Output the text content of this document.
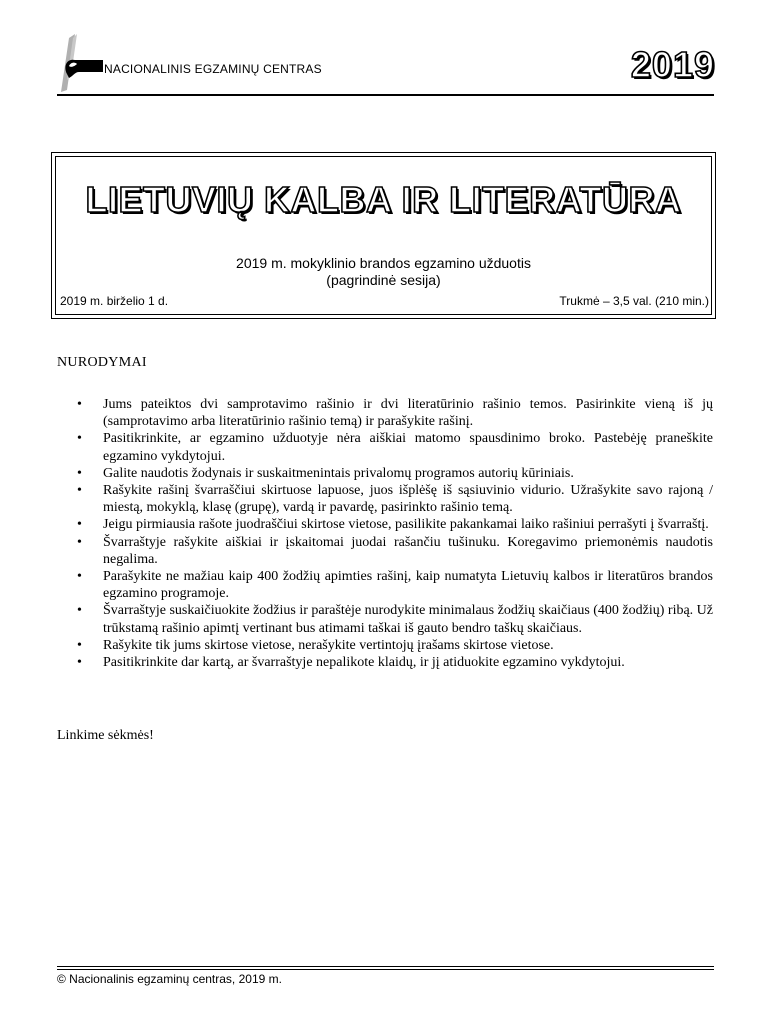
NACIONALINIS EGZAMINŲ CENTRAS	2019
LIETUVIŲ KALBA IR LITERATŪRA
2019 m. mokyklinio brandos egzamino užduotis
(pagrindinė sesija)
2019 m. birželio 1 d.	Trukmė – 3,5 val. (210 min.)
NURODYMAI
• Jums pateiktos dvi samprotavimo rašinio ir dvi literatūrinio rašinio temos. Pasirinkite vieną iš jų (samprotavimo arba literatūrinio rašinio temą) ir parašykite rašinį.
• Pasitikrinkite, ar egzamino užduotyje nėra aiškiai matomo spausdinimo broko. Pastebėję praneškite egzamino vykdytojui.
• Galite naudotis žodynais ir suskaitmenintais privalomų programos autorių kūriniais.
• Rašykite rašinį švarraščiui skirtuose lapuose, juos išplėšę iš sąsiuvinio vidurio. Užrašykite savo rajoną / miestą, mokyklą, klasę (grupę), vardą ir pavardę, pasirinkto rašinio temą.
• Jeigu pirmiausia rašote juodraščiui skirtose vietose, pasilikite pakankamai laiko rašiniui perrašyti į švarraštį.
• Švarraštyje rašykite aiškiai ir įskaitomai juodai rašančiu tušinuku. Koregavimo priemonėmis naudotis negalima.
• Parašykite ne mažiau kaip 400 žodžių apimties rašinį, kaip numatyta Lietuvių kalbos ir literatūros brandos egzamino programoje.
• Švarraštyje suskaičiuokite žodžius ir paraštėje nurodykite minimalaus žodžių skaičiaus (400 žodžių) ribą. Už trūkstamą rašinio apimtį vertinant bus atimami taškai iš gauto bendro taškų skaičiaus.
• Rašykite tik jums skirtose vietose, nerašykite vertintojų įrašams skirtose vietose.
• Pasitikrinkite dar kartą, ar švarraštyje nepalikote klaidų, ir jį atiduokite egzamino vykdytojui.
Linkime sėkmės!
© Nacionalinis egzaminų centras, 2019 m.
